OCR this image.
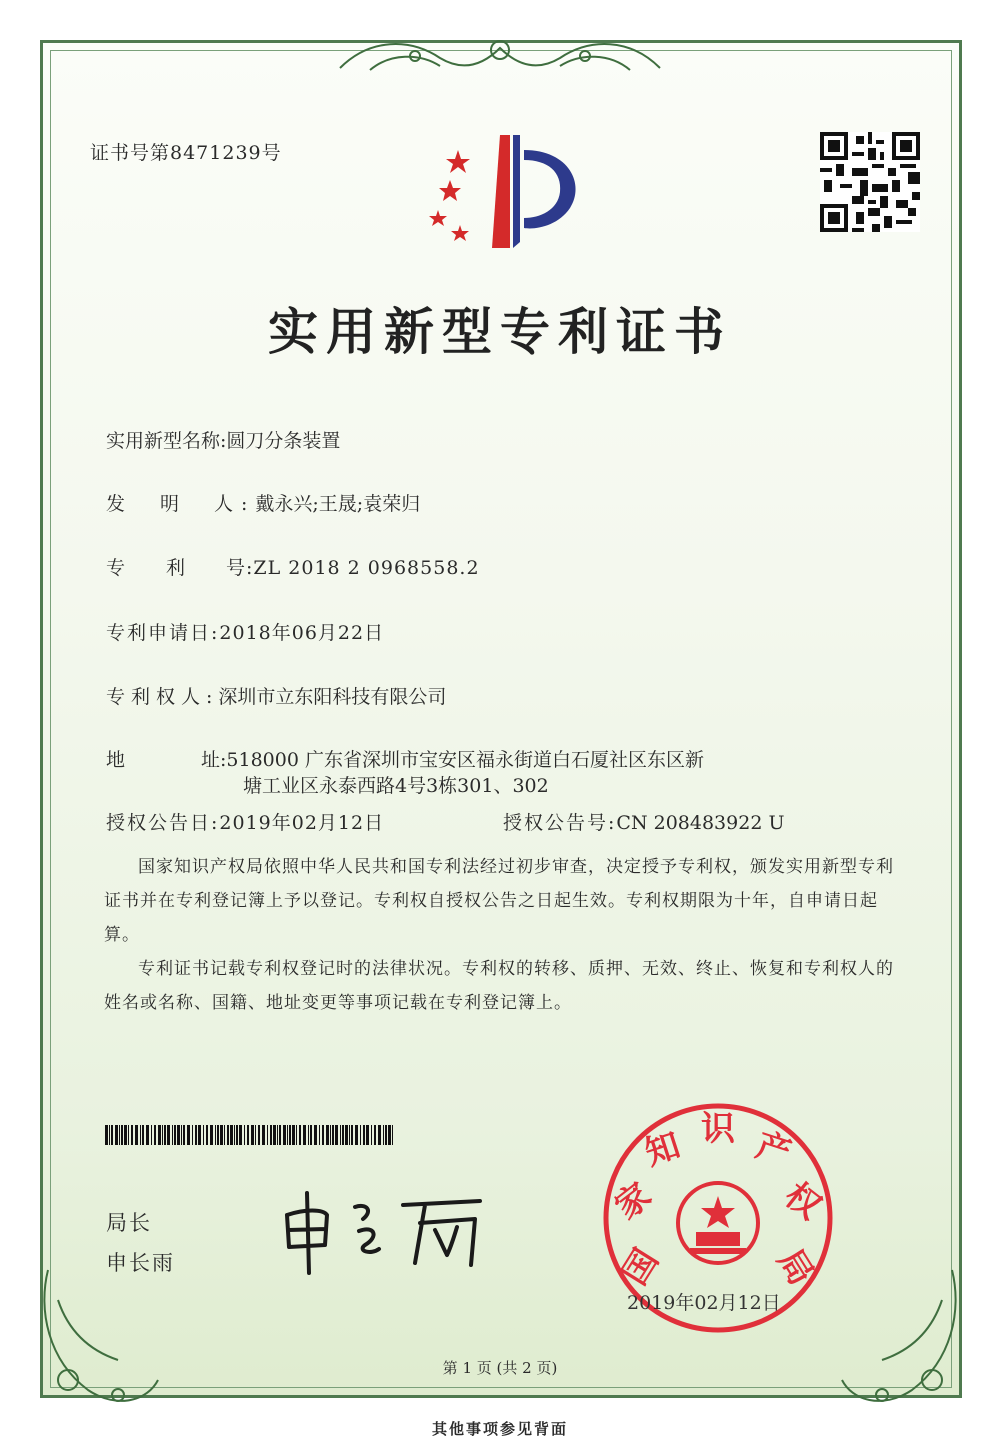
证书号第8471239号
实用新型专利证书
实用新型名称:圆刀分条装置
发　明　人:戴永兴;王晟;袁荣归
专　　利　　号:ZL 2018 2 0968558.2
专利申请日:2018年06月22日
专利权人:深圳市立东阳科技有限公司
地　　　　址:518000 广东省深圳市宝安区福永街道白石厦社区东区新
塘工业区永泰西路4号3栋301、302
授权公告日:2019年02月12日	授权公告号:CN 208483922 U

国家知识产权局依照中华人民共和国专利法经过初步审查，决定授予专利权，颁发实用新型专利证书并在专利登记簿上予以登记。专利权自授权公告之日起生效。专利权期限为十年，自申请日起算。

专利证书记载专利权登记时的法律状况。专利权的转移、质押、无效、终止、恢复和专利权人的姓名或名称、国籍、地址变更等事项记载在专利登记簿上。

局长
申长雨	国
家
知 识 产
权
局
2019年02月12日
第 1 页 (共 2 页)
其他事项参见背面
